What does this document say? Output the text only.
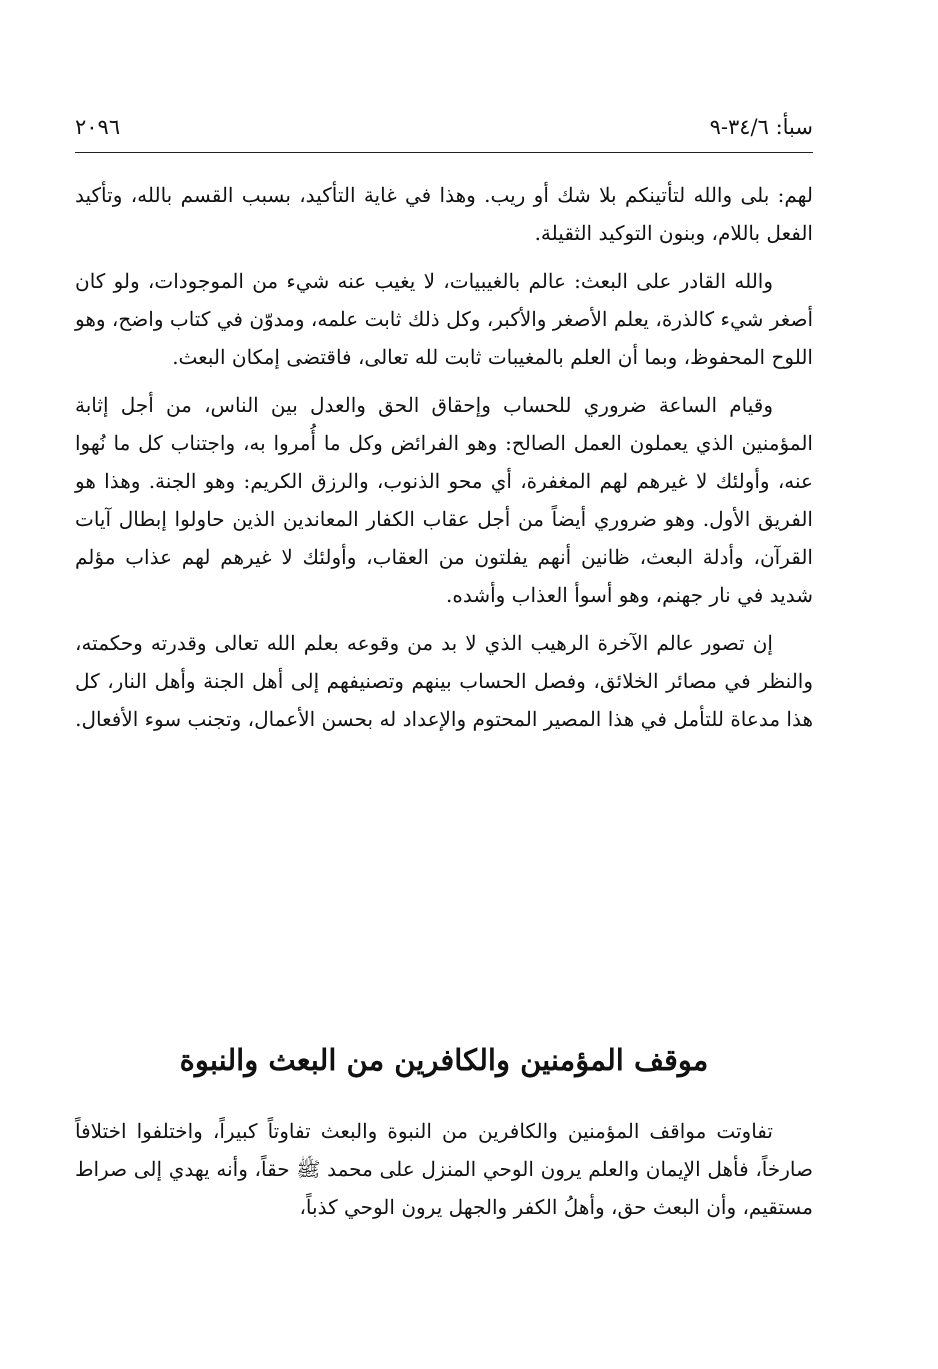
سبأ: ٣٤/٦-٩
٢٠٩٦

لهم: بلى والله لتأتينكم بلا شك أو ريب. وهذا في غاية التأكيد، بسبب القسم بالله، وتأكيد الفعل باللام، وبنون التوكيد الثقيلة.

والله القادر على البعث: عالم بالغيبيات، لا يغيب عنه شيء من الموجودات، ولو كان أصغر شيء كالذرة، يعلم الأصغر والأكبر، وكل ذلك ثابت علمه، ومدوّن في كتاب واضح، وهو اللوح المحفوظ، وبما أن العلم بالمغيبات ثابت لله تعالى، فاقتضى إمكان البعث.

وقيام الساعة ضروري للحساب وإحقاق الحق والعدل بين الناس، من أجل إثابة المؤمنين الذي يعملون العمل الصالح: وهو الفرائض وكل ما أُمروا به، واجتناب كل ما نُهوا عنه، وأولئك لا غيرهم لهم المغفرة، أي محو الذنوب، والرزق الكريم: وهو الجنة. وهذا هو الفريق الأول. وهو ضروري أيضاً من أجل عقاب الكفار المعاندين الذين حاولوا إبطال آيات القرآن، وأدلة البعث، ظانين أنهم يفلتون من العقاب، وأولئك لا غيرهم لهم عذاب مؤلم شديد في نار جهنم، وهو أسوأ العذاب وأشده.

إن تصور عالم الآخرة الرهيب الذي لا بد من وقوعه بعلم الله تعالى وقدرته وحكمته، والنظر في مصائر الخلائق، وفصل الحساب بينهم وتصنيفهم إلى أهل الجنة وأهل النار، كل هذا مدعاة للتأمل في هذا المصير المحتوم والإعداد له بحسن الأعمال، وتجنب سوء الأفعال.

موقف المؤمنين والكافرين من البعث والنبوة

تفاوتت مواقف المؤمنين والكافرين من النبوة والبعث تفاوتاً كبيراً، واختلفوا اختلافاً صارخاً، فأهل الإيمان والعلم يرون الوحي المنزل على محمد ﷺ حقاً، وأنه يهدي إلى صراط مستقيم، وأن البعث حق، وأهلُ الكفر والجهل يرون الوحي كذباً،
